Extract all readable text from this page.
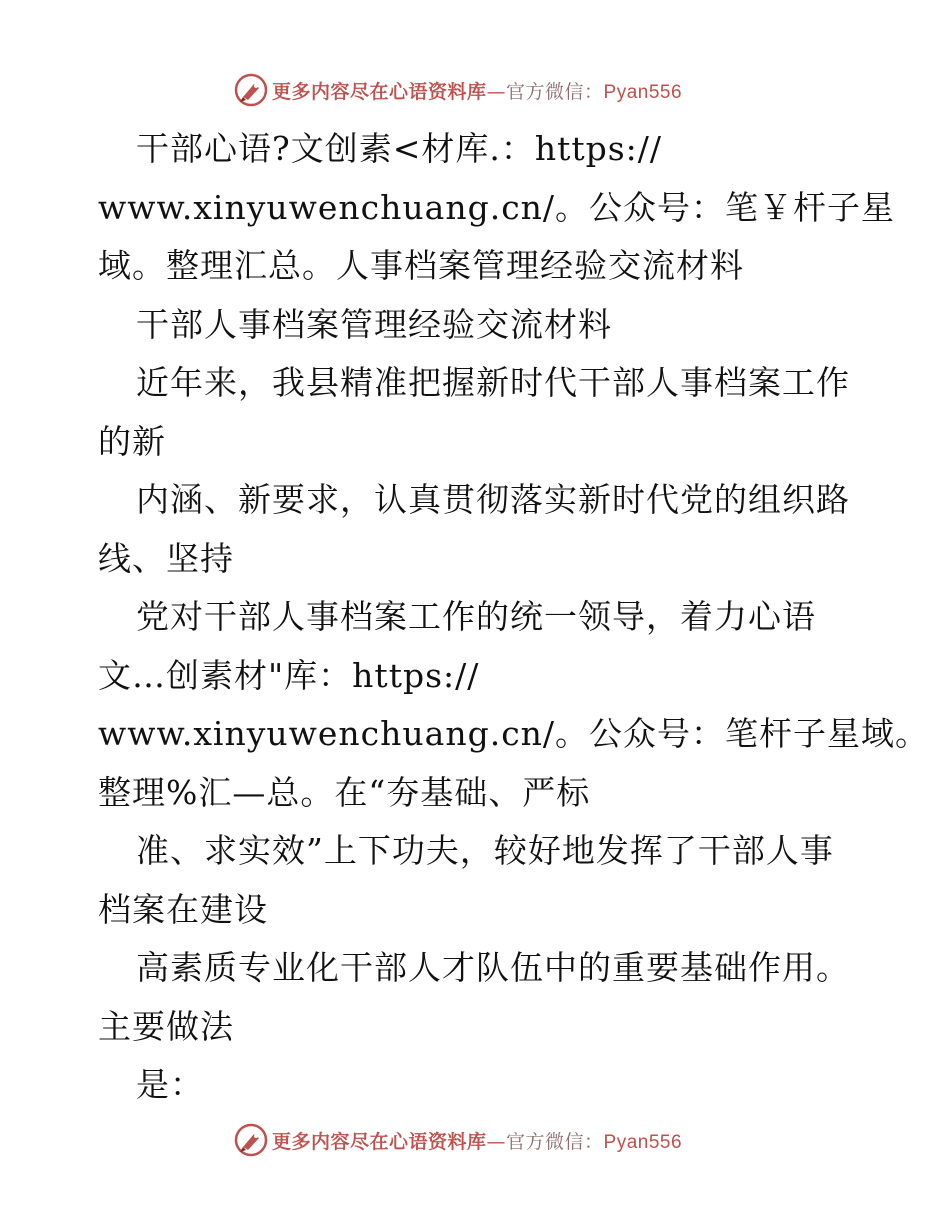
更多内容尽在心语资料库—官方微信：Pyan556
干部心语?文创素<材库.：https://
www.xinyuwenchuang.cn/。公众号：笔￥杆子星
域。整理汇总。人事档案管理经验交流材料
干部人事档案管理经验交流材料
近年来，我县精准把握新时代干部人事档案工作
的新
内涵、新要求，认真贯彻落实新时代党的组织路
线、坚持
党对干部人事档案工作的统一领导，着力心语
文…创素材"库：https://
www.xinyuwenchuang.cn/。公众号：笔杆子星域。
整理%汇—总。在“夯基础、严标
准、求实效”上下功夫，较好地发挥了干部人事
档案在建设
高素质专业化干部人才队伍中的重要基础作用。
主要做法
是：
更多内容尽在心语资料库—官方微信：Pyan556
